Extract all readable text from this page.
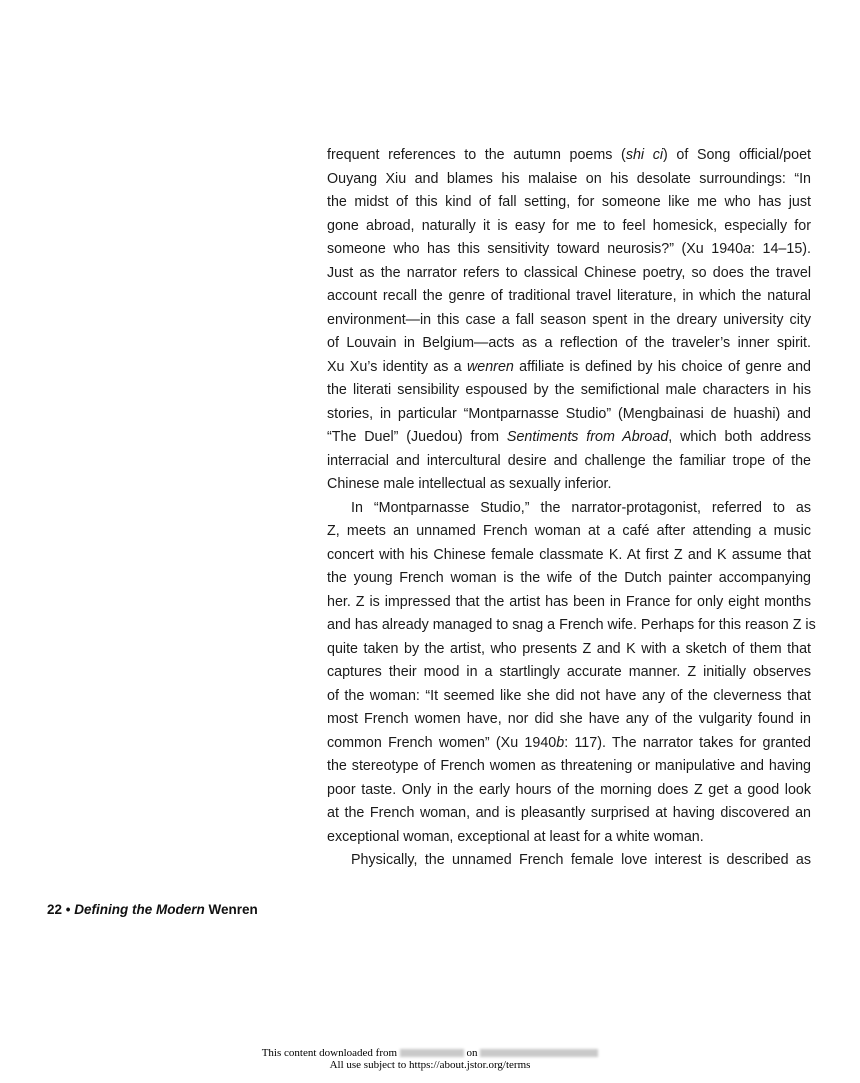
frequent references to the autumn poems (shi ci) of Song official/poet
Ouyang Xiu and blames his malaise on his desolate surroundings: “In
the midst of this kind of fall setting, for someone like me who has just
gone abroad, naturally it is easy for me to feel homesick, especially for
someone who has this sensitivity toward neurosis?” (Xu 1940a: 14–15).
Just as the narrator refers to classical Chinese poetry, so does the travel
account recall the genre of traditional travel literature, in which the natural
environment—in this case a fall season spent in the dreary university city
of Louvain in Belgium—acts as a reflection of the traveler’s inner spirit.
Xu Xu’s identity as a wenren affiliate is defined by his choice of genre and
the literati sensibility espoused by the semifictional male characters in his
stories, in particular “Montparnasse Studio” (Mengbainasi de huashi) and
“The Duel” (Juedou) from Sentiments from Abroad, which both address
interracial and intercultural desire and challenge the familiar trope of the
Chinese male intellectual as sexually inferior.
In “Montparnasse Studio,” the narrator-protagonist, referred to as
Z, meets an unnamed French woman at a café after attending a music
concert with his Chinese female classmate K. At first Z and K assume that
the young French woman is the wife of the Dutch painter accompanying
her. Z is impressed that the artist has been in France for only eight months
and has already managed to snag a French wife. Perhaps for this reason Z is
quite taken by the artist, who presents Z and K with a sketch of them that
captures their mood in a startlingly accurate manner. Z initially observes
of the woman: “It seemed like she did not have any of the cleverness that
most French women have, nor did she have any of the vulgarity found in
common French women” (Xu 1940b: 117). The narrator takes for granted
the stereotype of French women as threatening or manipulative and having
poor taste. Only in the early hours of the morning does Z get a good look
at the French woman, and is pleasantly surprised at having discovered an
exceptional woman, exceptional at least for a white woman.
Physically, the unnamed French female love interest is described as
22 • Defining the Modern Wenren
This content downloaded from	on
All use subject to https://about.jstor.org/terms
